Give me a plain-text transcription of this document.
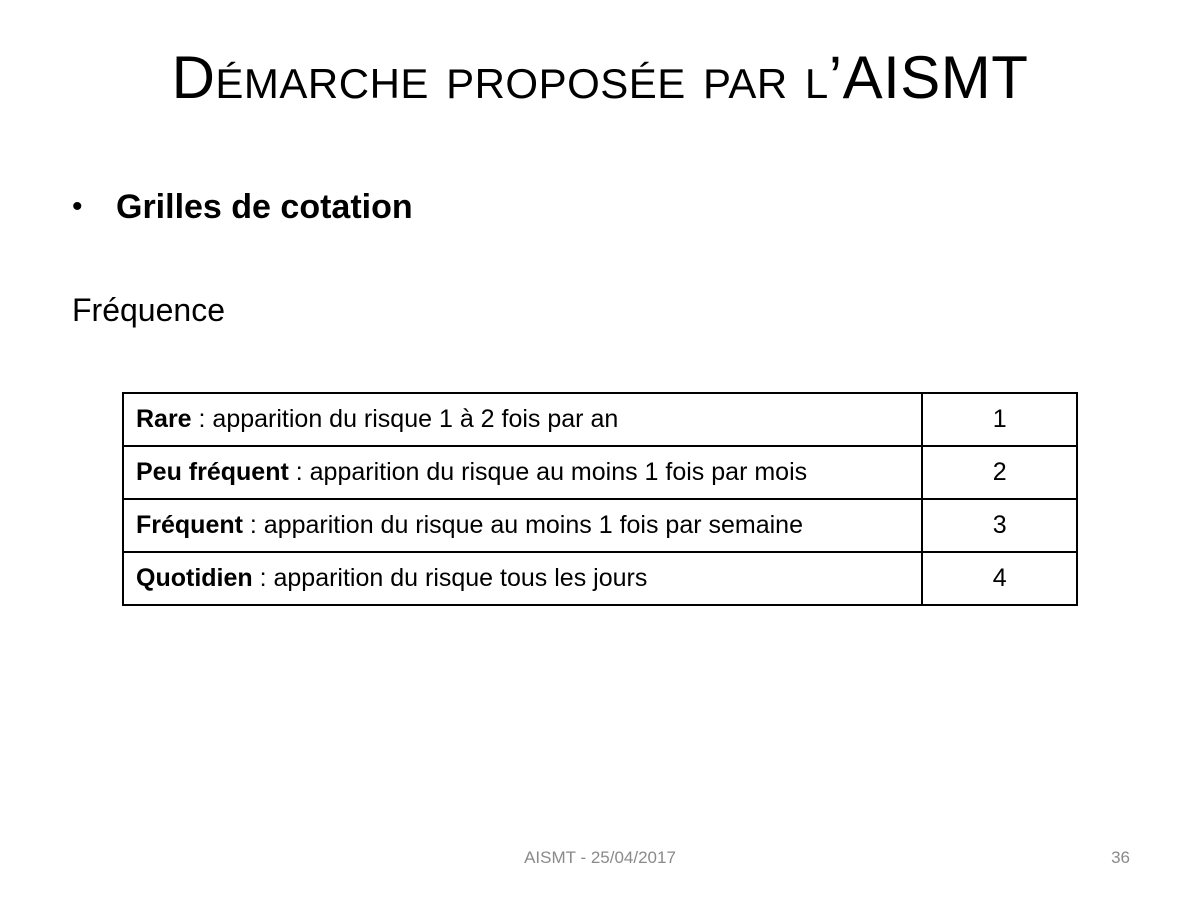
Démarche proposée par l’AISMT
• Grilles de cotation
Fréquence
Rare : apparition du risque 1 à 2 fois par an	1
Peu fréquent : apparition du risque au moins 1 fois par mois	2
Fréquent : apparition du risque au moins 1 fois par semaine	3
Quotidien : apparition du risque tous les jours	4
AISMT - 25/04/2017	36
